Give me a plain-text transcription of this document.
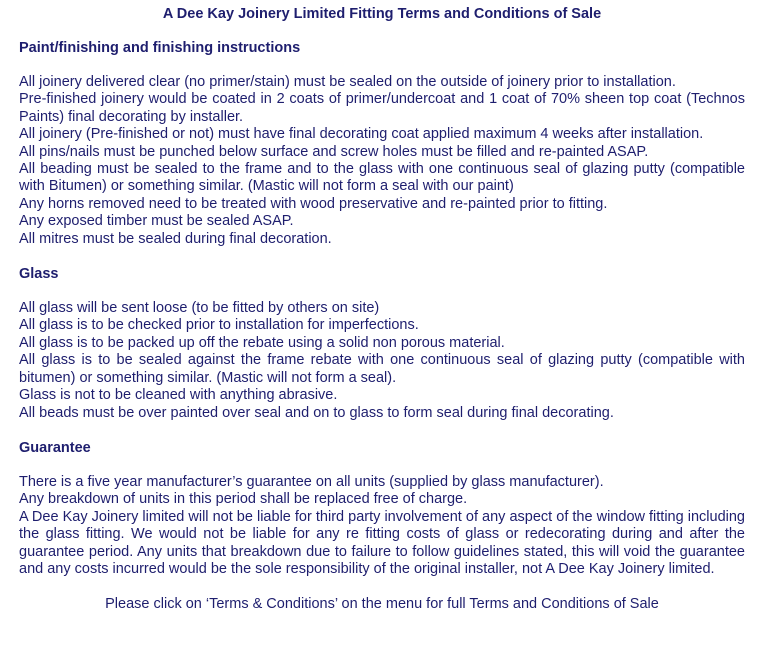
A Dee Kay Joinery Limited Fitting Terms and Conditions of Sale
Paint/finishing and finishing instructions

All joinery delivered clear (no primer/stain) must be sealed on the outside of joinery prior to installation.

Pre-finished joinery would be coated in 2 coats of primer/undercoat and 1 coat of 70% sheen top coat (Technos Paints) final decorating by installer.

All joinery (Pre-finished or not) must have final decorating coat applied maximum 4 weeks after installation.

All pins/nails must be punched below surface and screw holes must be filled and re-painted ASAP.

All beading must be sealed to the frame and to the glass with one continuous seal of glazing putty (compatible with Bitumen) or something similar. (Mastic will not form a seal with our paint)

Any horns removed need to be treated with wood preservative and re-painted prior to fitting.

Any exposed timber must be sealed ASAP.

All mitres must be sealed during final decoration.

Glass

All glass will be sent loose (to be fitted by others on site)

All glass is to be checked prior to installation for imperfections.

All glass is to be packed up off the rebate using a solid non porous material.

All glass is to be sealed against the frame rebate with one continuous seal of glazing putty (compatible with bitumen) or something similar. (Mastic will not form a seal).

Glass is not to be cleaned with anything abrasive.

All beads must be over painted over seal and on to glass to form seal during final decorating.

Guarantee

There is a five year manufacturer’s guarantee on all units (supplied by glass manufacturer).

Any breakdown of units in this period shall be replaced free of charge.

A Dee Kay Joinery limited will not be liable for third party involvement of any aspect of the window fitting including the glass fitting. We would not be liable for any re fitting costs of glass or redecorating during and after the guarantee period. Any units that breakdown due to failure to follow guidelines stated, this will void the guarantee and any costs incurred would be the sole responsibility of the original installer, not A Dee Kay Joinery limited.

Please click on ‘Terms & Conditions’ on the menu for full Terms and Conditions of Sale
